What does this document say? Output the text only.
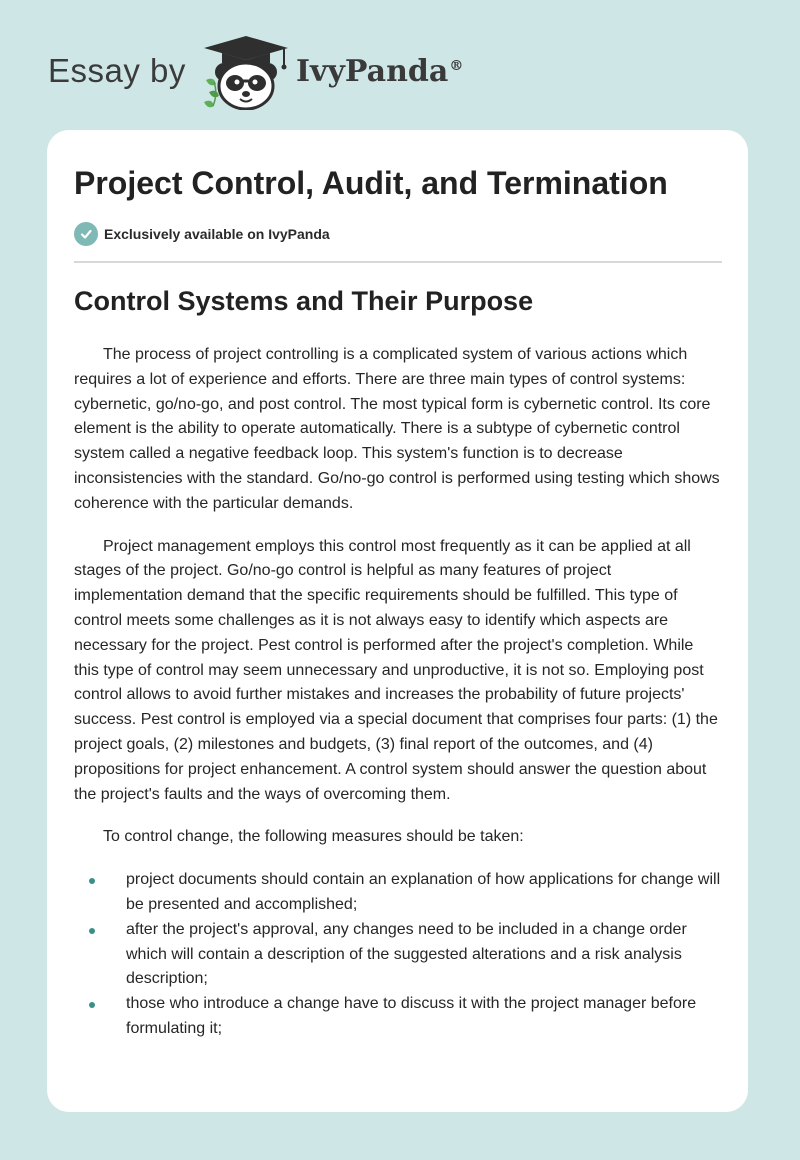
Essay by	IvyPanda®
Project Control, Audit, and Termination
Exclusively available on IvyPanda
Control Systems and Their Purpose

The process of project controlling is a complicated system of various actions which requires a lot of experience and efforts. There are three main types of control systems: cybernetic, go/no-go, and post control. The most typical form is cybernetic control. Its core element is the ability to operate automatically. There is a subtype of cybernetic control system called a negative feedback loop. This system's function is to decrease inconsistencies with the standard. Go/no-go control is performed using testing which shows coherence with the particular demands.

Project management employs this control most frequently as it can be applied at all stages of the project. Go/no-go control is helpful as many features of project implementation demand that the specific requirements should be fulfilled. This type of control meets some challenges as it is not always easy to identify which aspects are necessary for the project. Pest control is performed after the project's completion. While this type of control may seem unnecessary and unproductive, it is not so. Employing post control allows to avoid further mistakes and increases the probability of future projects' success. Pest control is employed via a special document that comprises four parts: (1) the project goals, (2) milestones and budgets, (3) final report of the outcomes, and (4) propositions for project enhancement. A control system should answer the question about the project's faults and the ways of overcoming them.

To control change, the following measures should be taken:

project documents should contain an explanation of how applications for change will be presented and accomplished;
after the project's approval, any changes need to be included in a change order which will contain a description of the suggested alterations and a risk analysis description;
those who introduce a change have to discuss it with the project manager before formulating it;
